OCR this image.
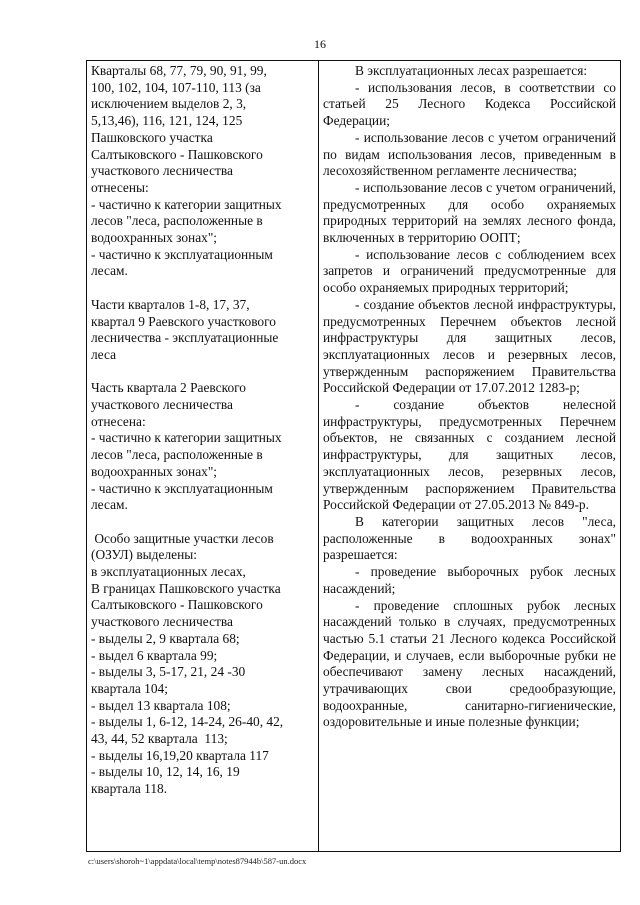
16

Кварталы 68, 77, 79, 90, 91, 99,

100, 102, 104, 107-110, 113 (за

исключением выделов 2, 3,

5,13,46), 116, 121, 124, 125

Пашковского участка

Салтыковского - Пашковского

участкового лесничества

отнесены:

- частично к категории защитных

лесов "леса, расположенные в

водоохранных зонах";

- частично к эксплуатационным

лесам.

Части кварталов 1-8, 17, 37,

квартал 9 Раевского участкового

лесничества - эксплуатационные

леса

Часть квартала 2 Раевского

участкового лесничества

отнесена:

- частично к категории защитных

лесов "леса, расположенные в

водоохранных зонах";

- частично к эксплуатационным

лесам.

Особо защитные участки лесов

(ОЗУЛ) выделены:

в эксплуатационных лесах,

В границах Пашковского участка

Салтыковского - Пашковского

участкового лесничества

- выделы 2, 9 квартала 68;

- выдел 6 квартала 99;

- выделы 3, 5-17, 21, 24 -30

квартала 104;

- выдел 13 квартала 108;

- выделы 1, 6-12, 14-24, 26-40, 42,

43, 44, 52 квартала  113;

- выделы 16,19,20 квартала 117

- выделы 10, 12, 14, 16, 19

квартала 118.

В эксплуатационных лесах разрешается:

- использования лесов, в соответствии со статьей 25 Лесного Кодекса Российской Федерации;

- использование лесов с учетом ограничений по видам использования лесов, приведенным в лесохозяйственном регламенте лесничества;

- использование лесов с учетом ограничений, предусмотренных для особо охраняемых природных территорий на землях лесного фонда, включенных в территорию ООПТ;

- использование лесов с соблюдением всех запретов и ограничений предусмотренные для особо охраняемых природных территорий;

- создание объектов лесной инфраструктуры, предусмотренных Перечнем объектов лесной инфраструктуры для защитных лесов, эксплуатационных лесов и резервных лесов, утвержденным распоряжением Правительства Российской Федерации от 17.07.2012 1283-р;

- создание объектов нелесной инфраструктуры, предусмотренных Перечнем объектов, не связанных с созданием лесной инфраструктуры, для защитных лесов, эксплуатационных лесов, резервных лесов, утвержденным распоряжением Правительства Российской Федерации от 27.05.2013 № 849-р.

В категории защитных лесов "леса, расположенные в водоохранных зонах" разрешается:

- проведение выборочных рубок лесных насаждений;

- проведение сплошных рубок лесных насаждений только в случаях, предусмотренных частью 5.1 статьи 21 Лесного кодекса Российской Федерации, и случаев, если выборочные рубки не обеспечивают замену лесных насаждений, утрачивающих свои средообразующие, водоохранные, санитарно-гигиенические, оздоровительные и иные полезные функции;

c:\users\shoroh~1\appdata\local\temp\notes87944b\587-un.docx
